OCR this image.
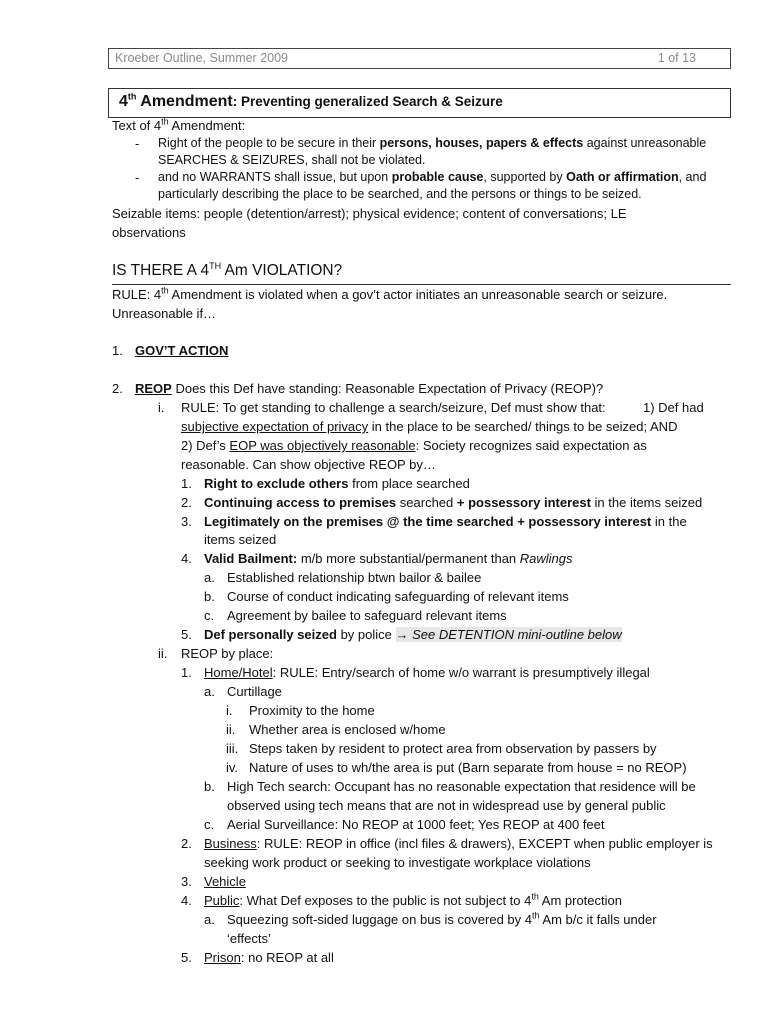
Kroeber Outline, Summer 2009	1 of 13
4th Amendment: Preventing generalized Search & Seizure
Text of 4th Amendment:
- Right of the people to be secure in their persons, houses, papers & effects against unreasonable
SEARCHES & SEIZURES, shall not be violated.
- and no WARRANTS shall issue, but upon probable cause, supported by Oath or affirmation, and
particularly describing the place to be searched, and the persons or things to be seized.
Seizable items: people (detention/arrest); physical evidence; content of conversations; LE
observations
IS THERE A 4TH Am VIOLATION?
RULE: 4th Amendment is violated when a gov’t actor initiates an unreasonable search or seizure.
Unreasonable if…
1. GOV’T ACTION
2. REOP Does this Def have standing: Reasonable Expectation of Privacy (REOP)?
i. RULE: To get standing to challenge a search/seizure, Def must show that:	1) Def had
subjective expectation of privacy in the place to be searched/ things to be seized; AND
2) Def’s EOP was objectively reasonable: Society recognizes said expectation as
reasonable. Can show objective REOP by…
1. Right to exclude others from place searched
2. Continuing access to premises searched + possessory interest in the items seized
3. Legitimately on the premises @ the time searched + possessory interest in the
items seized
4. Valid Bailment: m/b more substantial/permanent than Rawlings
a. Established relationship btwn bailor & bailee
b. Course of conduct indicating safeguarding of relevant items
c. Agreement by bailee to safeguard relevant items
5. Def personally seized by police → See DETENTION mini-outline below
ii. REOP by place:
1. Home/Hotel: RULE: Entry/search of home w/o warrant is presumptively illegal
a. Curtillage
i. Proximity to the home
ii. Whether area is enclosed w/home
iii. Steps taken by resident to protect area from observation by passers by
iv. Nature of uses to wh/the area is put (Barn separate from house = no REOP)
b. High Tech search: Occupant has no reasonable expectation that residence will be
observed using tech means that are not in widespread use by general public
c. Aerial Surveillance: No REOP at 1000 feet; Yes REOP at 400 feet
2. Business: RULE: REOP in office (incl files & drawers), EXCEPT when public employer is
seeking work product or seeking to investigate workplace violations
3. Vehicle
4. Public: What Def exposes to the public is not subject to 4th Am protection
a. Squeezing soft-sided luggage on bus is covered by 4th Am b/c it falls under
‘effects’
5. Prison: no REOP at all
